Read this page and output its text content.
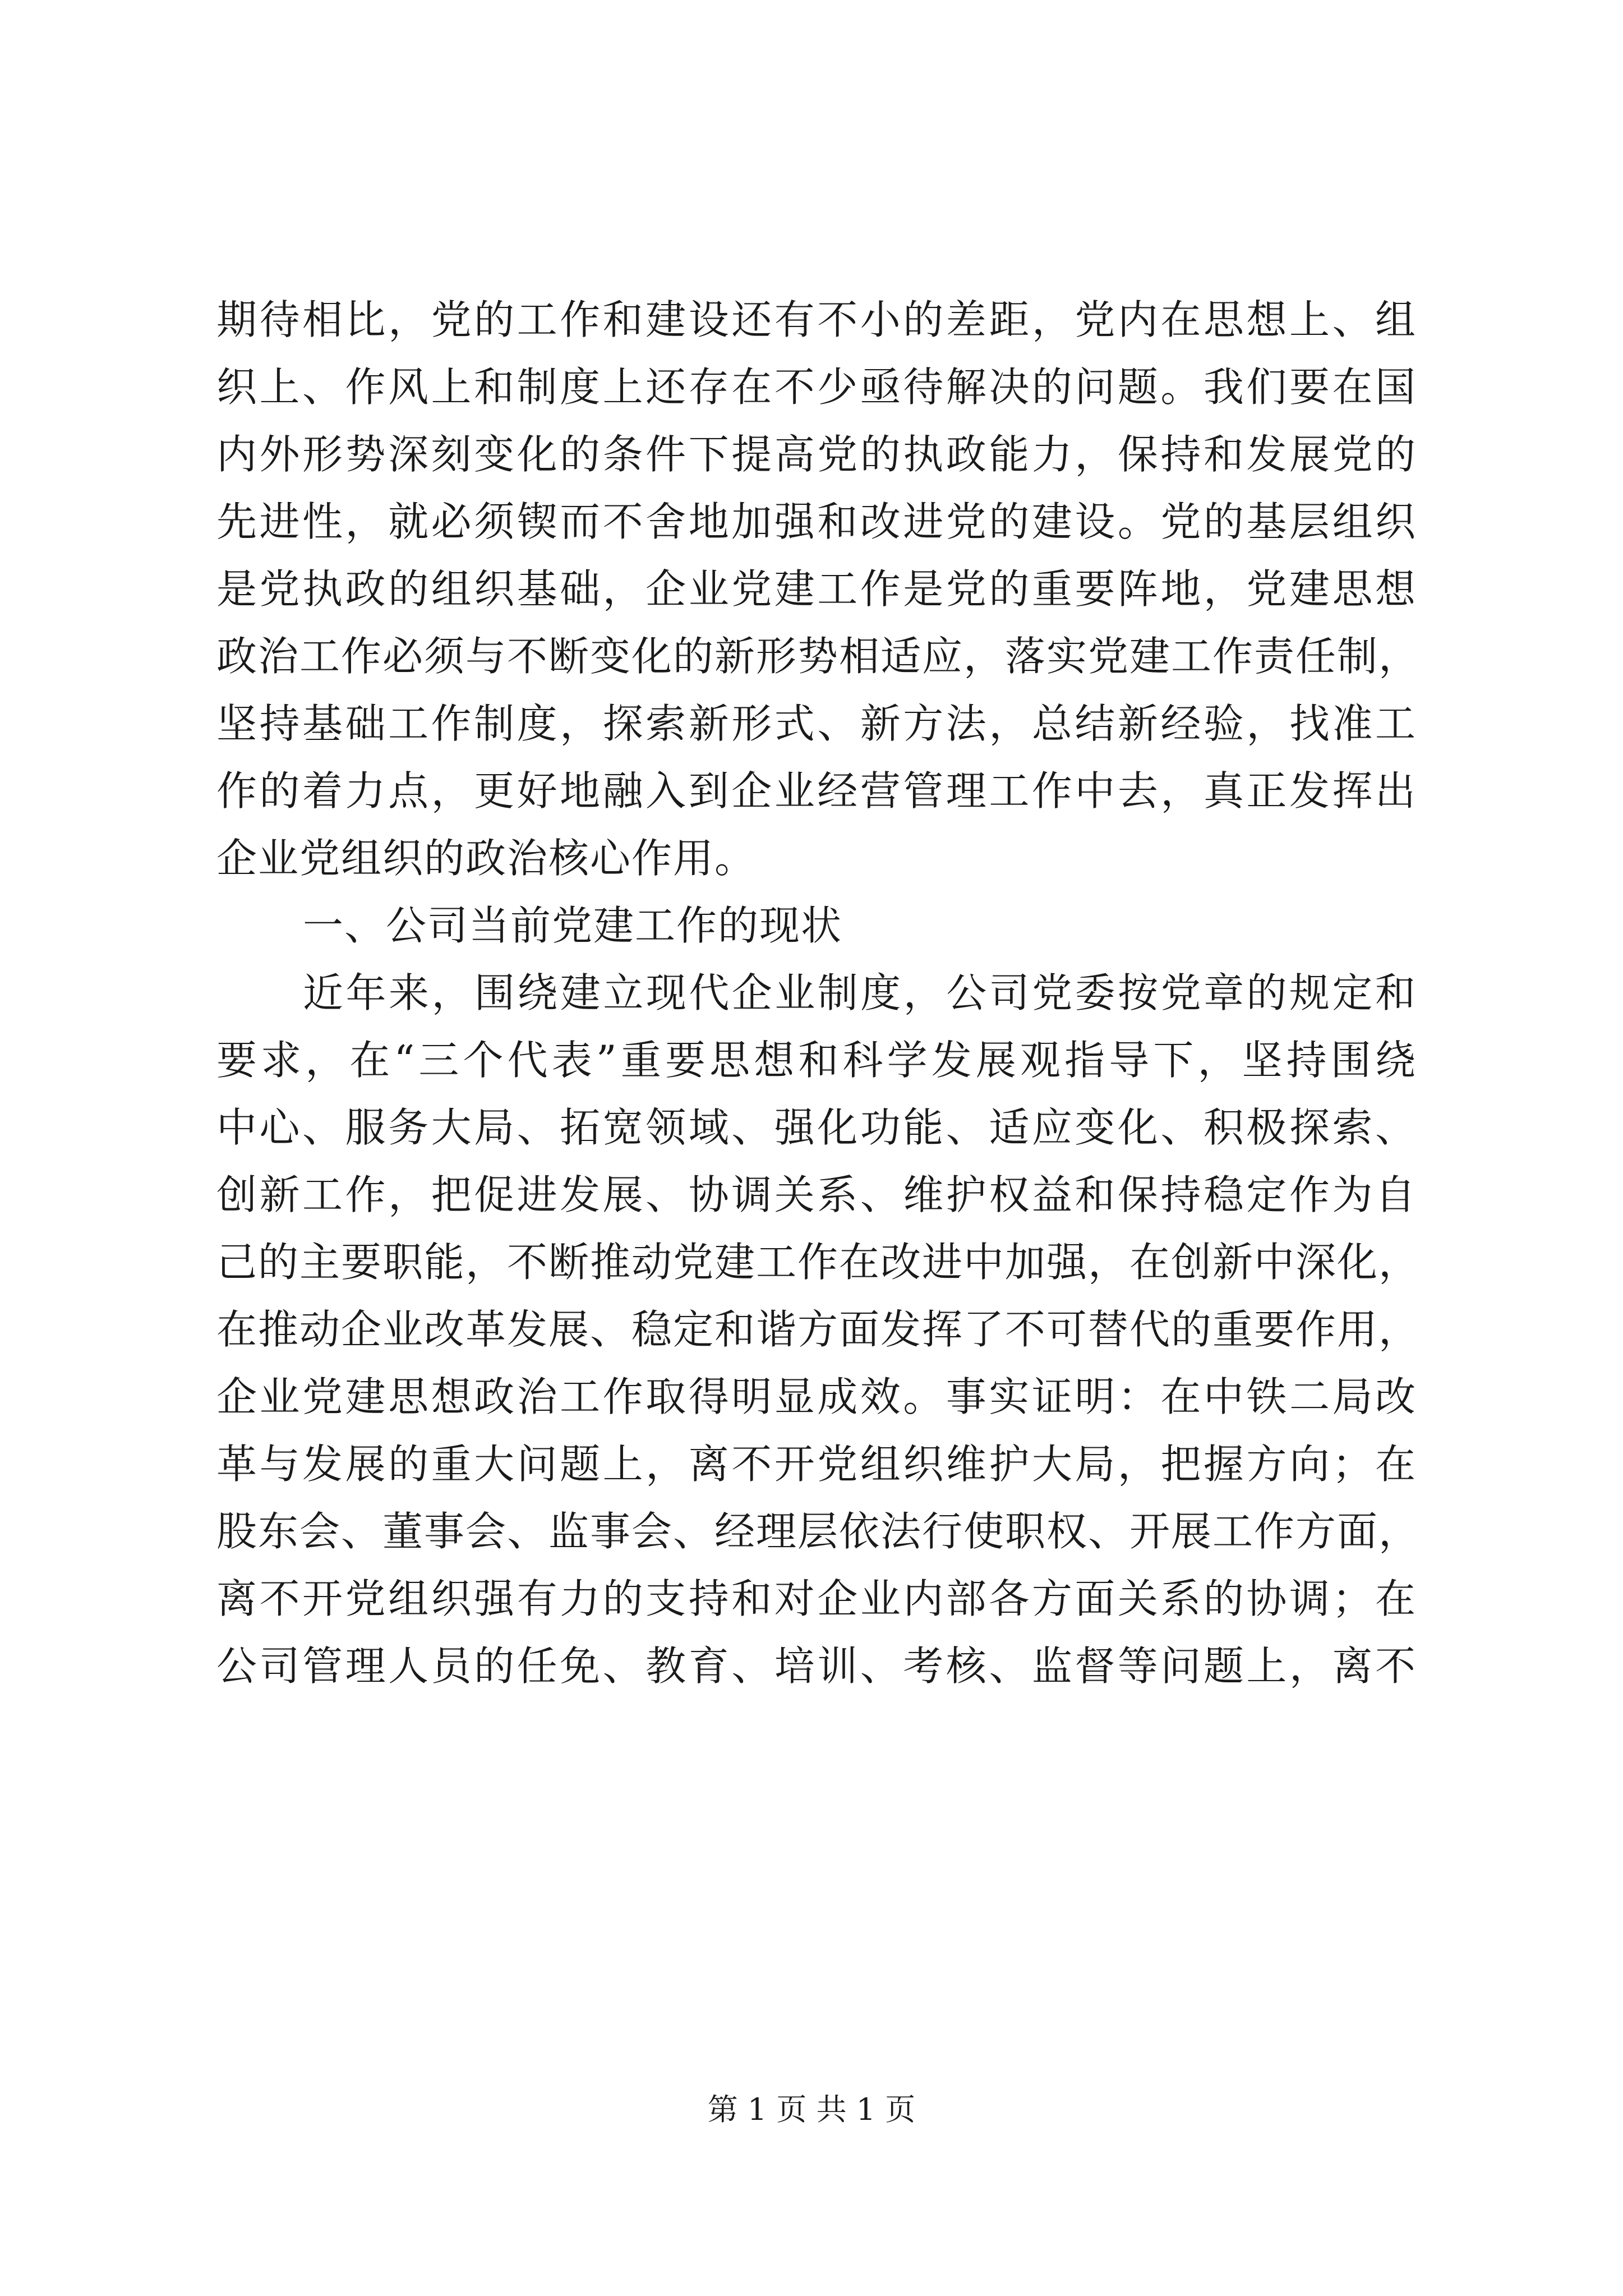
期待相比，党的工作和建设还有不小的差距，党内在思想上、组
织上、作风上和制度上还存在不少亟待解决的问题。我们要在国
内外形势深刻变化的条件下提高党的执政能力，保持和发展党的
先进性，就必须锲而不舍地加强和改进党的建设。党的基层组织
是党执政的组织基础，企业党建工作是党的重要阵地，党建思想
政治工作必须与不断变化的新形势相适应，落实党建工作责任制，
坚持基础工作制度，探索新形式、新方法，总结新经验，找准工
作的着力点，更好地融入到企业经营管理工作中去，真正发挥出
企业党组织的政治核心作用。
一、公司当前党建工作的现状
近年来，围绕建立现代企业制度，公司党委按党章的规定和
要求，在“三个代表”重要思想和科学发展观指导下，坚持围绕
中心、服务大局、拓宽领域、强化功能、适应变化、积极探索、
创新工作，把促进发展、协调关系、维护权益和保持稳定作为自
己的主要职能，不断推动党建工作在改进中加强，在创新中深化，
在推动企业改革发展、稳定和谐方面发挥了不可替代的重要作用，
企业党建思想政治工作取得明显成效。事实证明：在中铁二局改
革与发展的重大问题上，离不开党组织维护大局，把握方向；在
股东会、董事会、监事会、经理层依法行使职权、开展工作方面，
离不开党组织强有力的支持和对企业内部各方面关系的协调；在
公司管理人员的任免、教育、培训、考核、监督等问题上，离不
第 1 页 共 1 页
